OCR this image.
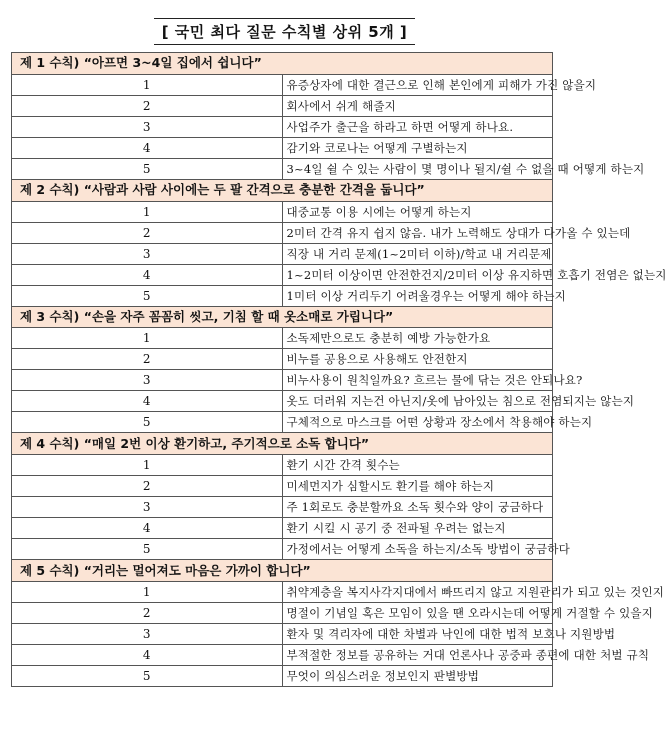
[ 국민 최다 질문 수칙별 상위 5개 ]
제 1 수칙) “아프면 3~4일 집에서 쉽니다”	
1	유증상자에 대한 결근으로 인해 본인에게 피해가 가진 않을지
2	회사에서 쉬게 해줄지
3	사업주가 출근을 하라고 하면 어떻게 하나요.
4	감기와 코로나는 어떻게 구별하는지
5	3~4일 쉴 수 있는 사람이 몇 명이나 될지/쉴 수 없을 때 어떻게 하는지
제 2 수칙) “사람과 사람 사이에는 두 팔 간격으로 충분한 간격을 둡니다”	
1	대중교통 이용 시에는 어떻게 하는지
2	2미터 간격 유지 쉽지 않음. 내가 노력해도 상대가 다가올 수 있는데
3	직장 내 거리 문제(1~2미터 이하)/학교 내 거리문제
4	1~2미터 이상이면 안전한건지/2미터 이상 유지하면 호흡기 전염은 없는지
5	1미터 이상 거리두기 어려울경우는 어떻게 해야 하는지
제 3 수칙) “손을 자주 꼼꼼히 씻고, 기침 할 때 옷소매로 가립니다”	
1	소독제만으로도 충분히 예방 가능한가요
2	비누를 공용으로 사용해도 안전한지
3	비누사용이 원칙일까요? 흐르는 물에 닦는 것은 안되나요?
4	옷도 더러워 지는건 아닌지/옷에 남아있는 침으로 전염되지는 않는지
5	구체적으로 마스크를 어떤 상황과 장소에서 착용해야 하는지
제 4 수칙) “매일 2번 이상 환기하고, 주기적으로 소독 합니다”	
1	환기 시간 간격 횟수는
2	미세먼지가 심할시도 환기를 해야 하는지
3	주 1회로도 충분할까요 소독 횟수와 양이 궁금하다
4	환기 시킬 시 공기 중 전파될 우려는 없는지
5	가정에서는 어떻게 소독을 하는지/소독 방법이 궁금하다
제 5 수칙) “거리는 멀어져도 마음은 가까이 합니다”	
1	취약계층을 복지사각지대에서 빠뜨리지 않고 지원관리가 되고 있는 것인지
2	명절이 기념일 혹은 모임이 있을 땐 오라시는데 어떻게 거절할 수 있을지
3	환자 및 격리자에 대한 차별과 낙인에 대한 법적 보호나 지원방법
4	부적절한 정보를 공유하는 거대 언론사나 공중파 종편에 대한 처벌 규칙
5	무엇이 의심스러운 정보인지 판별방법
